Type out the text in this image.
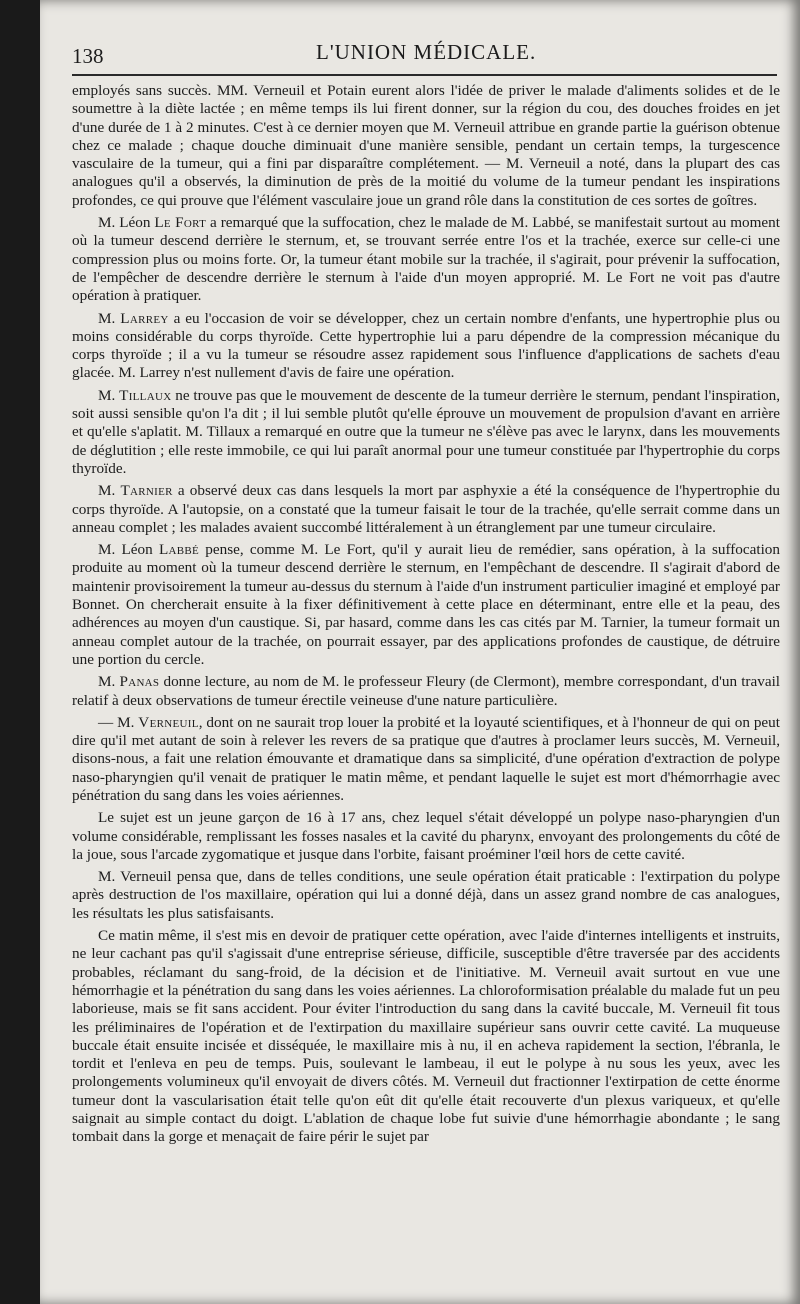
138	L'UNION MÉDICALE.

employés sans succès. MM. Verneuil et Potain eurent alors l'idée de priver le malade d'aliments solides et de le soumettre à la diète lactée ; en même temps ils lui firent donner, sur la région du cou, des douches froides en jet d'une durée de 1 à 2 minutes. C'est à ce dernier moyen que M. Verneuil attribue en grande partie la guérison obtenue chez ce malade ; chaque douche diminuait d'une manière sensible, pendant un certain temps, la turgescence vasculaire de la tumeur, qui a fini par disparaître complétement. — M. Verneuil a noté, dans la plupart des cas analogues qu'il a observés, la diminution de près de la moitié du volume de la tumeur pendant les inspirations profondes, ce qui prouve que l'élément vasculaire joue un grand rôle dans la constitution de ces sortes de goîtres.

M. Léon Le Fort a remarqué que la suffocation, chez le malade de M. Labbé, se manifestait surtout au moment où la tumeur descend derrière le sternum, et, se trouvant serrée entre l'os et la trachée, exerce sur celle-ci une compression plus ou moins forte. Or, la tumeur étant mobile sur la trachée, il s'agirait, pour prévenir la suffocation, de l'empêcher de descendre derrière le sternum à l'aide d'un moyen approprié. M. Le Fort ne voit pas d'autre opération à pratiquer.

M. Larrey a eu l'occasion de voir se développer, chez un certain nombre d'enfants, une hypertrophie plus ou moins considérable du corps thyroïde. Cette hypertrophie lui a paru dépendre de la compression mécanique du corps thyroïde ; il a vu la tumeur se résoudre assez rapidement sous l'influence d'applications de sachets d'eau glacée. M. Larrey n'est nullement d'avis de faire une opération.

M. Tillaux ne trouve pas que le mouvement de descente de la tumeur derrière le sternum, pendant l'inspiration, soit aussi sensible qu'on l'a dit ; il lui semble plutôt qu'elle éprouve un mouvement de propulsion d'avant en arrière et qu'elle s'aplatit. M. Tillaux a remarqué en outre que la tumeur ne s'élève pas avec le larynx, dans les mouvements de déglutition ; elle reste immobile, ce qui lui paraît anormal pour une tumeur constituée par l'hypertrophie du corps thyroïde.

M. Tarnier a observé deux cas dans lesquels la mort par asphyxie a été la conséquence de l'hypertrophie du corps thyroïde. A l'autopsie, on a constaté que la tumeur faisait le tour de la trachée, qu'elle serrait comme dans un anneau complet ; les malades avaient succombé littéralement à un étranglement par une tumeur circulaire.

M. Léon Labbé pense, comme M. Le Fort, qu'il y aurait lieu de remédier, sans opération, à la suffocation produite au moment où la tumeur descend derrière le sternum, en l'empêchant de descendre. Il s'agirait d'abord de maintenir provisoirement la tumeur au-dessus du sternum à l'aide d'un instrument particulier imaginé et employé par Bonnet. On chercherait ensuite à la fixer définitivement à cette place en déterminant, entre elle et la peau, des adhérences au moyen d'un caustique. Si, par hasard, comme dans les cas cités par M. Tarnier, la tumeur formait un anneau complet autour de la trachée, on pourrait essayer, par des applications profondes de caustique, de détruire une portion du cercle.

M. Panas donne lecture, au nom de M. le professeur Fleury (de Clermont), membre correspondant, d'un travail relatif à deux observations de tumeur érectile veineuse d'une nature particulière.

— M. Verneuil, dont on ne saurait trop louer la probité et la loyauté scientifiques, et à l'honneur de qui on peut dire qu'il met autant de soin à relever les revers de sa pratique que d'autres à proclamer leurs succès, M. Verneuil, disons-nous, a fait une relation émouvante et dramatique dans sa simplicité, d'une opération d'extraction de polype naso-pharyngien qu'il venait de pratiquer le matin même, et pendant laquelle le sujet est mort d'hémorrhagie avec pénétration du sang dans les voies aériennes.

Le sujet est un jeune garçon de 16 à 17 ans, chez lequel s'était développé un polype naso-pharyngien d'un volume considérable, remplissant les fosses nasales et la cavité du pharynx, envoyant des prolongements du côté de la joue, sous l'arcade zygomatique et jusque dans l'orbite, faisant proéminer l'œil hors de cette cavité.

M. Verneuil pensa que, dans de telles conditions, une seule opération était praticable : l'extirpation du polype après destruction de l'os maxillaire, opération qui lui a donné déjà, dans un assez grand nombre de cas analogues, les résultats les plus satisfaisants.

Ce matin même, il s'est mis en devoir de pratiquer cette opération, avec l'aide d'internes intelligents et instruits, ne leur cachant pas qu'il s'agissait d'une entreprise sérieuse, difficile, susceptible d'être traversée par des accidents probables, réclamant du sang-froid, de la décision et de l'initiative. M. Verneuil avait surtout en vue une hémorrhagie et la pénétration du sang dans les voies aériennes. La chloroformisation préalable du malade fut un peu laborieuse, mais se fit sans accident. Pour éviter l'introduction du sang dans la cavité buccale, M. Verneuil fit tous les préliminaires de l'opération et de l'extirpation du maxillaire supérieur sans ouvrir cette cavité. La muqueuse buccale était ensuite incisée et disséquée, le maxillaire mis à nu, il en acheva rapidement la section, l'ébranla, le tordit et l'enleva en peu de temps. Puis, soulevant le lambeau, il eut le polype à nu sous les yeux, avec les prolongements volumineux qu'il envoyait de divers côtés. M. Verneuil dut fractionner l'extirpation de cette énorme tumeur dont la vascularisation était telle qu'on eût dit qu'elle était recouverte d'un plexus variqueux, et qu'elle saignait au simple contact du doigt. L'ablation de chaque lobe fut suivie d'une hémorrhagie abondante ; le sang tombait dans la gorge et menaçait de faire périr le sujet par
